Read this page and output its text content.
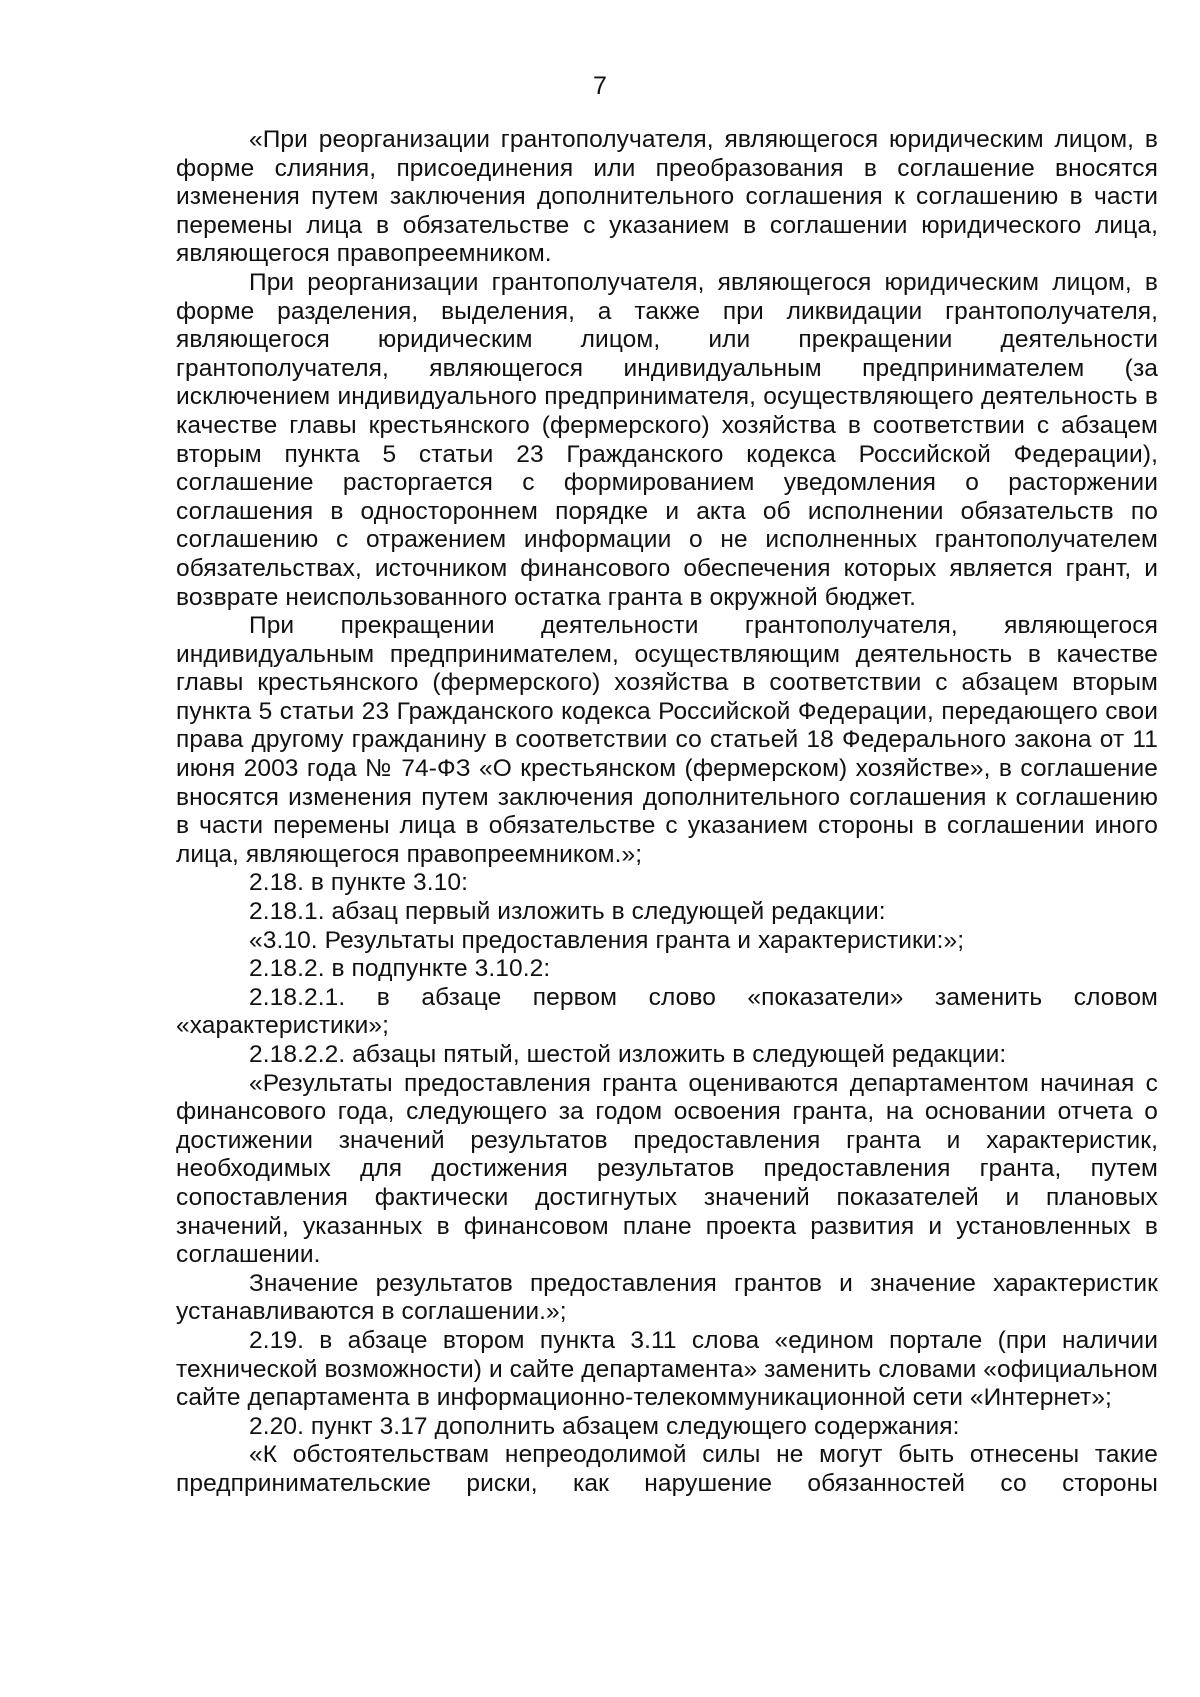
7

«При реорганизации грантополучателя, являющегося юридическим лицом, в форме слияния, присоединения или преобразования в соглашение вносятся изменения путем заключения дополнительного соглашения к соглашению в части перемены лица в обязательстве с указанием в соглашении юридического лица, являющегося правопреемником.

При реорганизации грантополучателя, являющегося юридическим лицом, в форме разделения, выделения, а также при ликвидации грантополучателя, являющегося юридическим лицом, или прекращении деятельности грантополучателя, являющегося индивидуальным предпринимателем (за исключением индивидуального предпринимателя, осуществляющего деятельность в качестве главы крестьянского (фермерского) хозяйства в соответствии с абзацем вторым пункта 5 статьи 23 Гражданского кодекса Российской Федерации), соглашение расторгается с формированием уведомления о расторжении соглашения в одностороннем порядке и акта об исполнении обязательств по соглашению с отражением информации о не исполненных грантополучателем обязательствах, источником финансового обеспечения которых является грант, и возврате неиспользованного остатка гранта в окружной бюджет.

При прекращении деятельности грантополучателя, являющегося индивидуальным предпринимателем, осуществляющим деятельность в качестве главы крестьянского (фермерского) хозяйства в соответствии с абзацем вторым пункта 5 статьи 23 Гражданского кодекса Российской Федерации, передающего свои права другому гражданину в соответствии со статьей 18 Федерального закона от 11 июня 2003 года № 74-ФЗ «О крестьянском (фермерском) хозяйстве», в соглашение вносятся изменения путем заключения дополнительного соглашения к соглашению в части перемены лица в обязательстве с указанием стороны в соглашении иного лица, являющегося правопреемником.»;

2.18. в пункте 3.10:

2.18.1. абзац первый изложить в следующей редакции:

«3.10. Результаты предоставления гранта и характеристики:»;

2.18.2. в подпункте 3.10.2:

2.18.2.1. в абзаце первом слово «показатели» заменить словом «характеристики»;

2.18.2.2. абзацы пятый, шестой изложить в следующей редакции:

«Результаты предоставления гранта оцениваются департаментом начиная с финансового года, следующего за годом освоения гранта, на основании отчета о достижении значений результатов предоставления гранта и характеристик, необходимых для достижения результатов предоставления гранта, путем сопоставления фактически достигнутых значений показателей и плановых значений, указанных в финансовом плане проекта развития и установленных в соглашении.

Значение результатов предоставления грантов и значение характеристик устанавливаются в соглашении.»;

2.19. в абзаце втором пункта 3.11 слова «едином портале (при наличии технической возможности) и сайте департамента» заменить словами «официальном сайте департамента в информационно-телекоммуникационной сети «Интернет»;

2.20. пункт 3.17 дополнить абзацем следующего содержания:

«К обстоятельствам непреодолимой силы не могут быть отнесены такие предпринимательские риски, как нарушение обязанностей со стороны
